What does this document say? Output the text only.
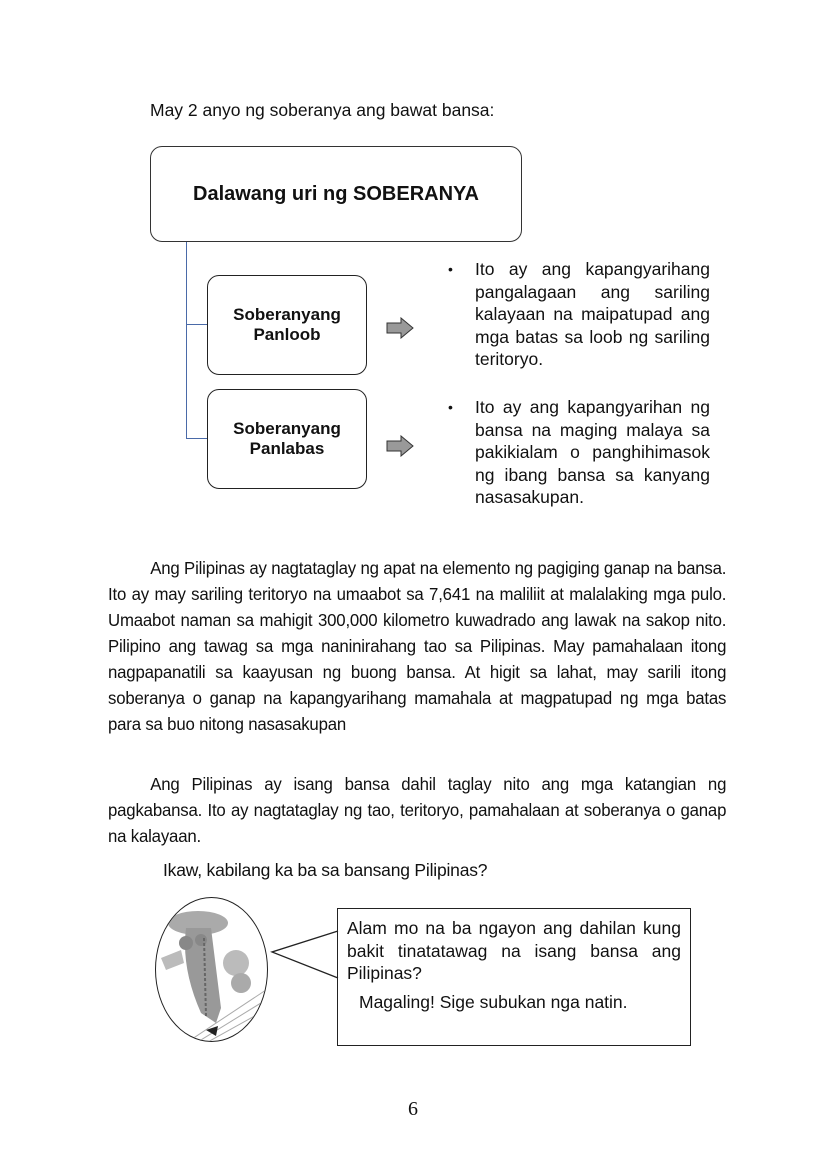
May 2 anyo ng soberanya ang bawat bansa:
Dalawang uri ng SOBERANYA
Soberanyang
Panloob
Soberanyang
Panlabas
• Ito ay ang kapangyarihang pangalagaan ang sariling kalayaan na maipatupad ang mga batas sa loob ng sariling teritoryo.
• Ito ay ang kapangyarihan ng bansa na maging malaya sa pakikialam o panghihimasok ng ibang bansa sa kanyang nasasakupan.
Ang Pilipinas ay nagtataglay ng apat na elemento ng pagiging ganap na bansa. Ito ay may sariling teritoryo na umaabot sa 7,641 na maliliit at malalaking mga pulo. Umaabot naman sa mahigit 300,000 kilometro kuwadrado ang lawak na sakop nito. Pilipino ang tawag sa mga naninirahang tao sa Pilipinas. May pamahalaan itong nagpapanatili sa kaayusan ng buong bansa. At higit sa lahat, may sarili itong soberanya o ganap na kapangyarihang mamahala at magpatupad ng mga batas para sa buo nitong nasasakupan
Ang Pilipinas ay isang bansa dahil taglay nito ang mga katangian ng pagkabansa. Ito ay nagtataglay ng tao, teritoryo, pamahalaan at soberanya o ganap na kalayaan.
Ikaw, kabilang ka ba sa bansang Pilipinas?
Alam mo na ba ngayon ang dahilan kung bakit tinatatawag na isang bansa ang Pilipinas?
Magaling! Sige subukan nga natin.
6
